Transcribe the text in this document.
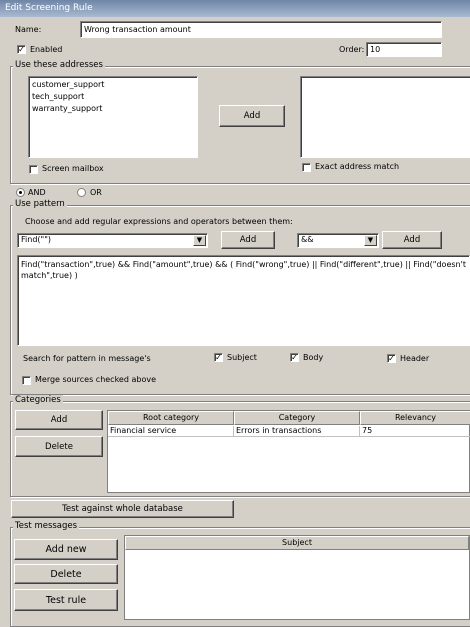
Edit Screening Rule
Name:
Wrong transaction amount
✓ Enabled	Order:
10
Use these addresses
customer_support
tech_support
warranty_support
Add
Screen mailbox	Exact address match
AND	OR
Use pattern
Choose and add regular expressions and operators between them:
Find("")	▼	Add	&&	▼	Add
Find("transaction",true) && Find("amount",true) && ( Find("wrong",true) || Find("different",true) || Find("doesn't match",true) )
Search for pattern in message's	✓ Subject	✓ Body	✓ Header
Merge sources checked above
Categories
Add
Delete
Root category	Category	Relevancy
Financial service	Errors in transactions	75
Test against whole database
Test messages
Add new
Delete
Test rule
Subject
